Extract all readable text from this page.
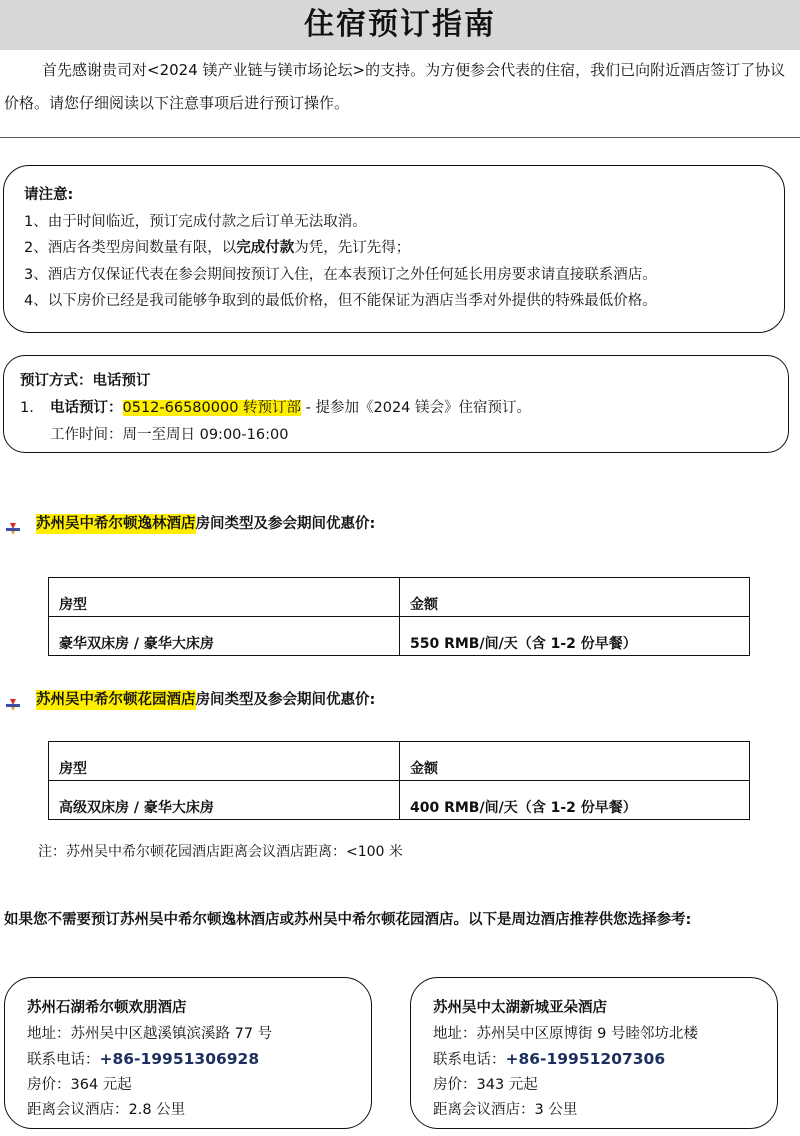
住宿预订指南

首先感谢贵司对<2024 镁产业链与镁市场论坛>的支持。为方便参会代表的住宿，我们已向附近酒店签订了协议价格。请您仔细阅读以下注意事项后进行预订操作。

请注意:

1、由于时间临近，预订完成付款之后订单无法取消。

2、酒店各类型房间数量有限，以完成付款为凭，先订先得；

3、酒店方仅保证代表在参会期间按预订入住，在本表预订之外任何延长用房要求请直接联系酒店。

4、以下房价已经是我司能够争取到的最低价格，但不能保证为酒店当季对外提供的特殊最低价格。

预订方式：电话预订

1. 电话预订：0512-66580000 转预订部 - 提参加《2024 镁会》住宿预订。

工作时间：周一至周日 09:00-16:00

苏州吴中希尔顿逸林酒店房间类型及参会期间优惠价:
房型	金额
豪华双床房 / 豪华大床房	550 RMB/间/天（含 1-2 份早餐）
苏州吴中希尔顿花园酒店房间类型及参会期间优惠价:
房型	金额
高级双床房 / 豪华大床房	400 RMB/间/天（含 1-2 份早餐）
注：苏州吴中希尔顿花园酒店距离会议酒店距离：<100 米

如果您不需要预订苏州吴中希尔顿逸林酒店或苏州吴中希尔顿花园酒店。以下是周边酒店推荐供您选择参考:

苏州石湖希尔顿欢朋酒店

地址：苏州吴中区越溪镇滨溪路 77 号

联系电话：+86-19951306928

房价：364 元起

距离会议酒店：2.8 公里

苏州吴中太湖新城亚朵酒店

地址：苏州吴中区原博街 9 号睦邻坊北楼

联系电话：+86-19951207306

房价：343 元起

距离会议酒店：3 公里
